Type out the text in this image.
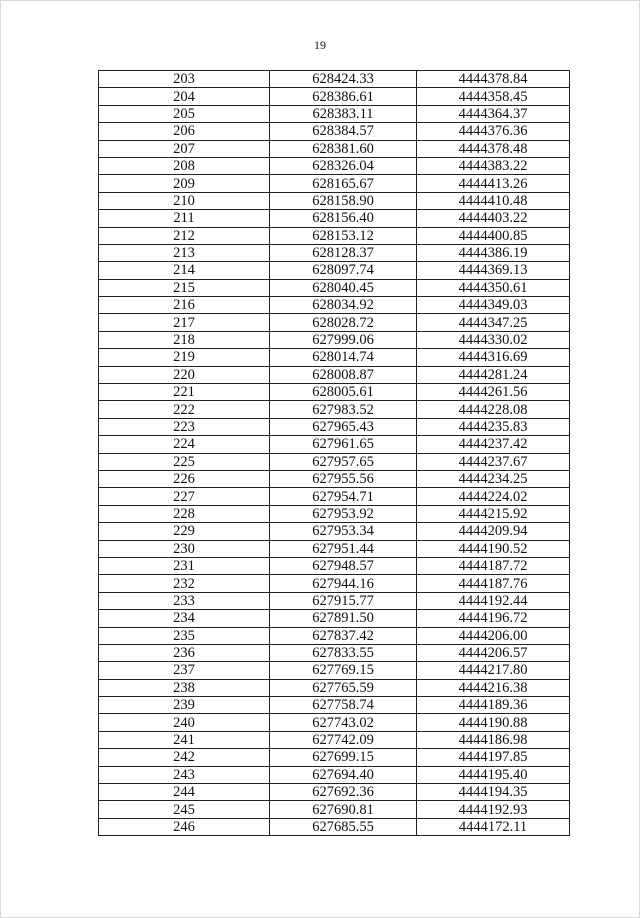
19
203	628424.33	4444378.84
204	628386.61	4444358.45
205	628383.11	4444364.37
206	628384.57	4444376.36
207	628381.60	4444378.48
208	628326.04	4444383.22
209	628165.67	4444413.26
210	628158.90	4444410.48
211	628156.40	4444403.22
212	628153.12	4444400.85
213	628128.37	4444386.19
214	628097.74	4444369.13
215	628040.45	4444350.61
216	628034.92	4444349.03
217	628028.72	4444347.25
218	627999.06	4444330.02
219	628014.74	4444316.69
220	628008.87	4444281.24
221	628005.61	4444261.56
222	627983.52	4444228.08
223	627965.43	4444235.83
224	627961.65	4444237.42
225	627957.65	4444237.67
226	627955.56	4444234.25
227	627954.71	4444224.02
228	627953.92	4444215.92
229	627953.34	4444209.94
230	627951.44	4444190.52
231	627948.57	4444187.72
232	627944.16	4444187.76
233	627915.77	4444192.44
234	627891.50	4444196.72
235	627837.42	4444206.00
236	627833.55	4444206.57
237	627769.15	4444217.80
238	627765.59	4444216.38
239	627758.74	4444189.36
240	627743.02	4444190.88
241	627742.09	4444186.98
242	627699.15	4444197.85
243	627694.40	4444195.40
244	627692.36	4444194.35
245	627690.81	4444192.93
246	627685.55	4444172.11
